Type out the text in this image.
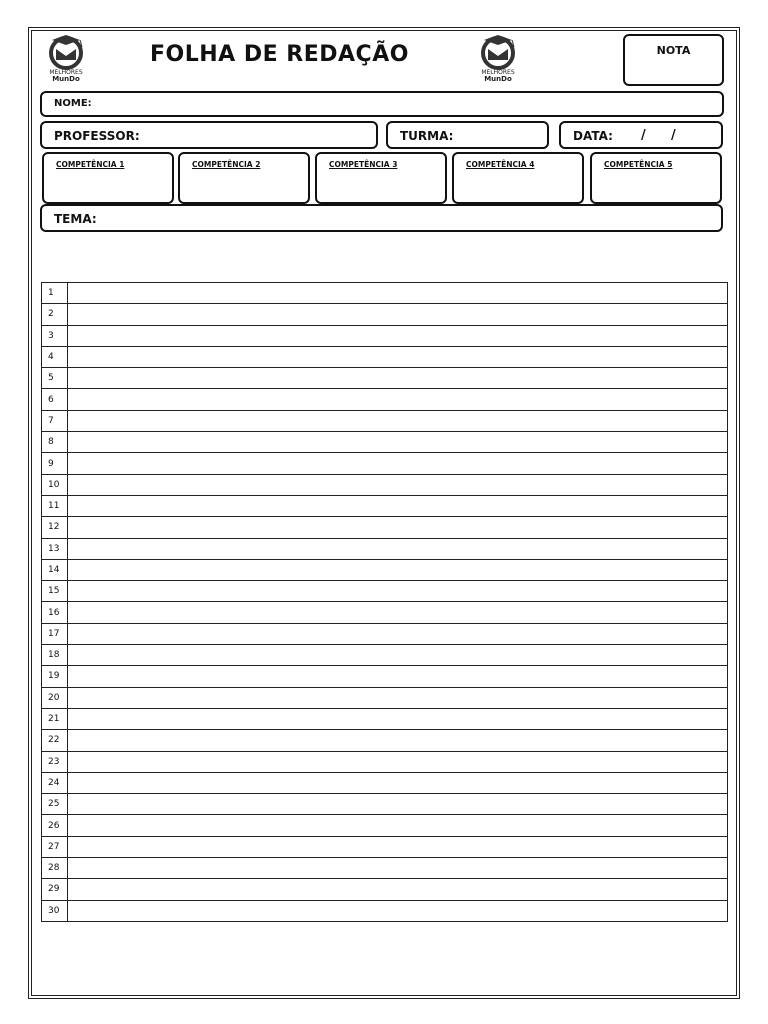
MELHORES
MunDo
FOLHA DE REDAÇÃO
MELHORES
MunDo
NOTA
NOME:
PROFESSOR:	TURMA:	DATA: / /
COMPETÊNCIA 1	COMPETÊNCIA 2	COMPETÊNCIA 3	COMPETÊNCIA 4	COMPETÊNCIA 5
TEMA:
1	
2	
3	
4	
5	
6	
7	
8	
9	
10	
11	
12	
13	
14	
15	
16	
17	
18	
19	
20	
21	
22	
23	
24	
25	
26	
27	
28	
29	
30	
